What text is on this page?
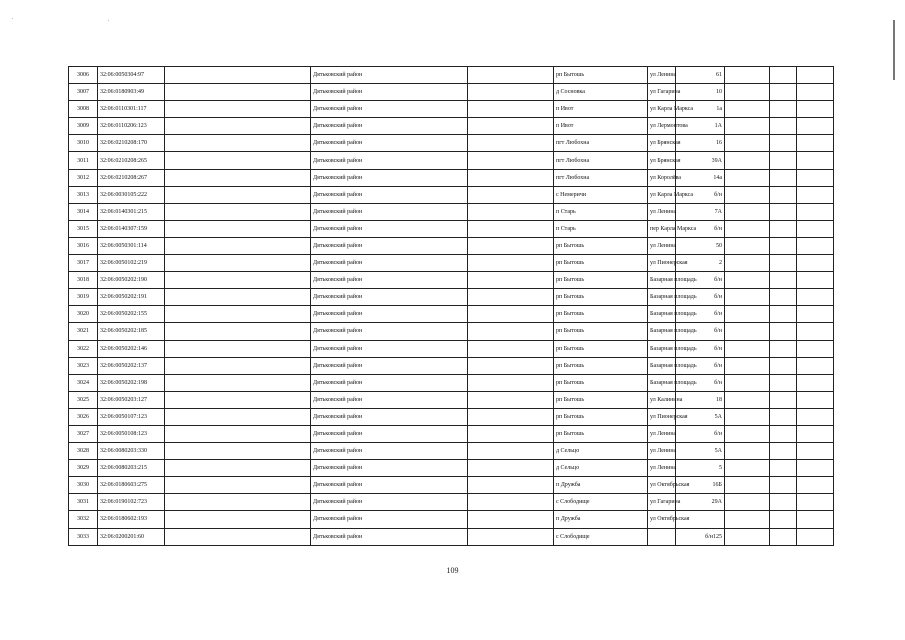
3006	32:06:0050304:97		Дятьковский район		рп Бытошь	ул Ленина	61			
3007	32:06:0180903:49		Дятьковский район		д Сосновка	ул Гагарина	10			
3008	32:06:0110301:117		Дятьковский район		п Ивот	ул Карла Маркса	1а			
3009	32:06:0110206:123		Дятьковский район		п Ивот	ул Лермонтова	1А			
3010	32:06:0210208:170		Дятьковский район		пгт Любохна	ул Брянская	16			
3011	32:06:0210208:265		Дятьковский район		пгт Любохна	ул Брянская	39А			
3012	32:06:0210208:267		Дятьковский район		пгт Любохна	ул Королёва	14а			
3013	32:06:0030105:222		Дятьковский район		с Немеричи	ул Карла Маркса	б/н			
3014	32:06:0140301:215		Дятьковский район		п Старь	ул Ленина	7А			
3015	32:06:0140307:159		Дятьковский район		п Старь	пер Карла Маркса	б/н			
3016	32:06:0050301:114		Дятьковский район		рп Бытошь	ул Ленина	50			
3017	32:06:0050102:219		Дятьковский район		рп Бытошь	ул Пионерская	2			
3018	32:06:0050202:190		Дятьковский район		рп Бытошь	Базарная площадь	б/н			
3019	32:06:0050202:191		Дятьковский район		рп Бытошь	Базарная площадь	б/н			
3020	32:06:0050202:155		Дятьковский район		рп Бытошь	Базарная площадь	б/н			
3021	32:06:0050202:185		Дятьковский район		рп Бытошь	Базарная площадь	б/н			
3022	32:06:0050202:146		Дятьковский район		рп Бытошь	Базарная площадь	б/н			
3023	32:06:0050202:137		Дятьковский район		рп Бытошь	Базарная площадь	б/н			
3024	32:06:0050202:198		Дятьковский район		рп Бытошь	Базарная площадь	б/н			
3025	32:06:0050203:127		Дятьковский район		рп Бытошь	ул Калинина	18			
3026	32:06:0050107:123		Дятьковский район		рп Бытошь	ул Пионерская	5А			
3027	32:06:0050108:123		Дятьковский район		рп Бытошь	ул Ленина	б/н			
3028	32:06:0080203:330		Дятьковский район		д Сельцо	ул Ленина	5А			
3029	32:06:0080203:215		Дятьковский район		д Сельцо	ул Ленина	5			
3030	32:06:0180603:275		Дятьковский район		п Дружба	ул Октябрьская	16Б			
3031	32:06:0190102:723		Дятьковский район		с Слободище	ул Гагарина	29А			
3032	32:06:0180602:193		Дятьковский район		п Дружба	ул Октябрьская				
3033	32:06:0200201:60		Дятьковский район		с Слободище		б/н125			
109
